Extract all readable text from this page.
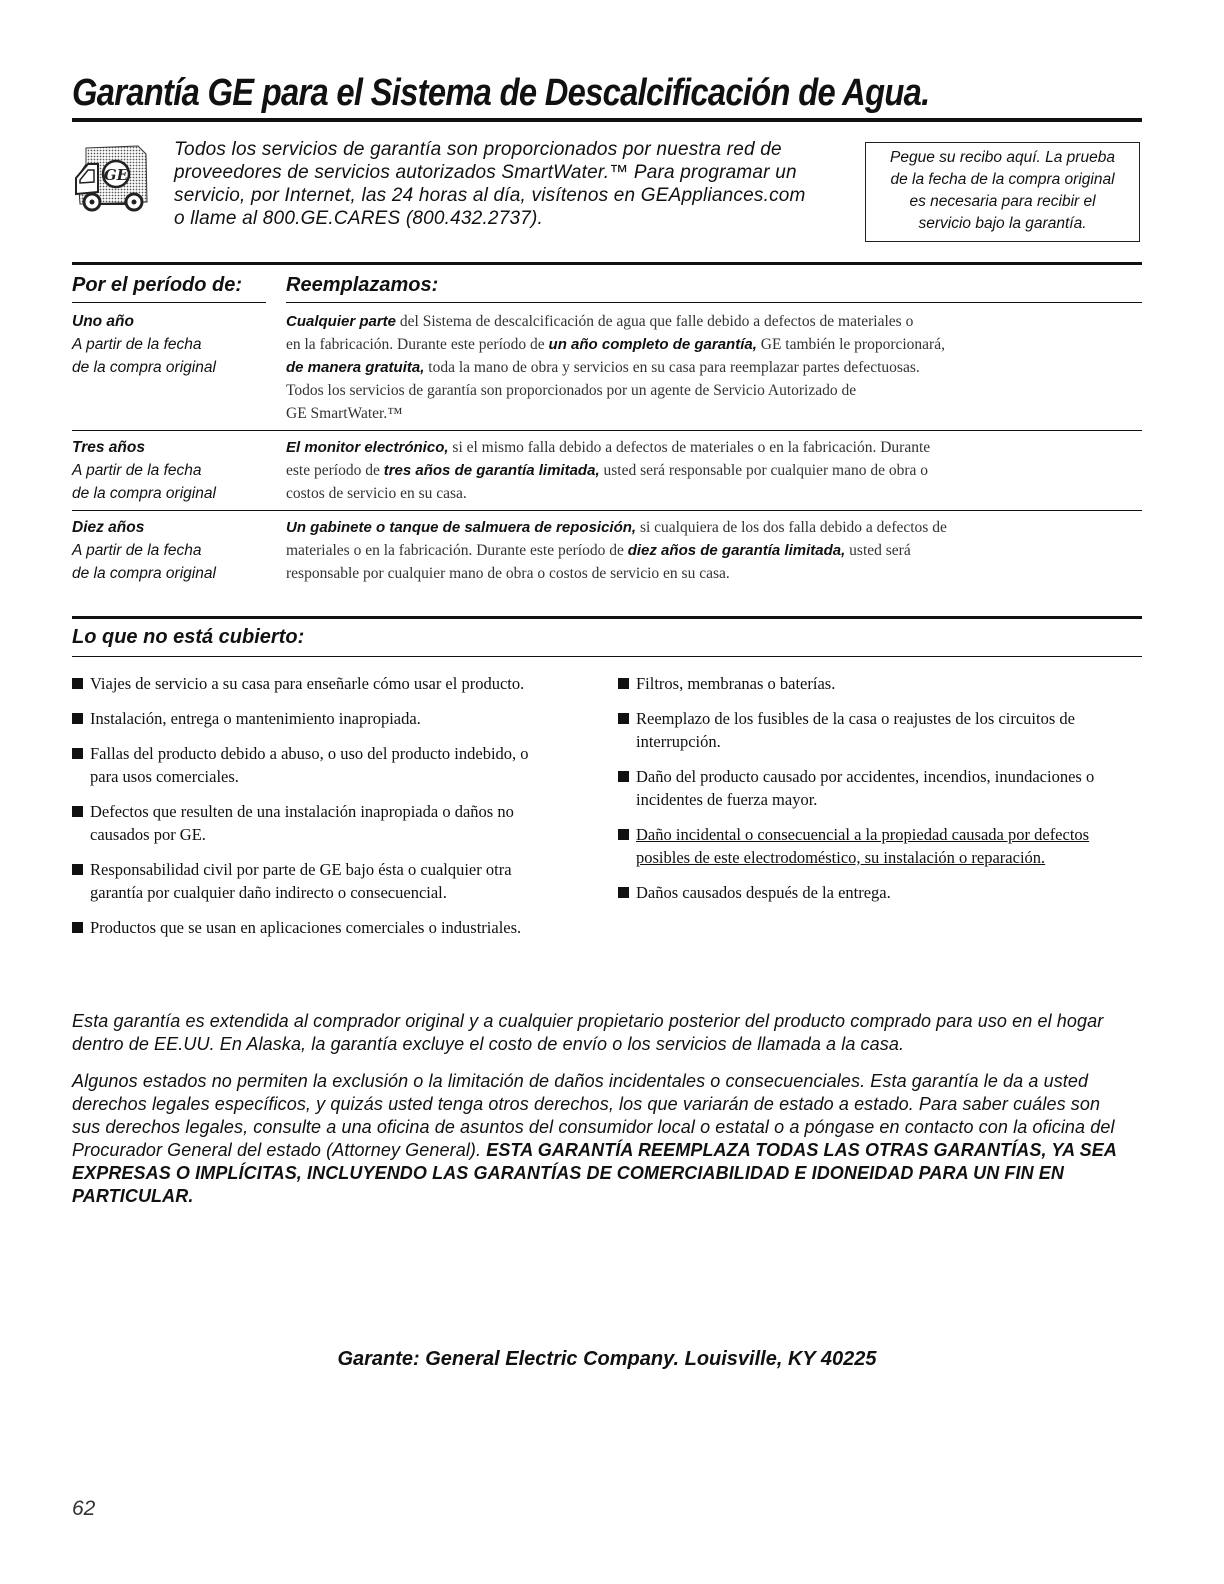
Garantía GE para el Sistema de Descalcificación de Agua.
GE
Todos los servicios de garantía son proporcionados por nuestra red de
proveedores de servicios autorizados SmartWater.™ Para programar un
servicio, por Internet, las 24 horas al día, visítenos en GEAppliances.com
o llame al 800.GE.CARES (800.432.2737).
Pegue su recibo aquí. La prueba
de la fecha de la compra original
es necesaria para recibir el
servicio bajo la garantía.
Por el período de: Reemplazamos:
Uno año
A partir de la fecha
de la compra original
Cualquier parte del Sistema de descalcificación de agua que falle debido a defectos de materiales o
en la fabricación. Durante este período de un año completo de garantía, GE también le proporcionará,
de manera gratuita, toda la mano de obra y servicios en su casa para reemplazar partes defectuosas.
Todos los servicios de garantía son proporcionados por un agente de Servicio Autorizado de
GE SmartWater.™
Tres años
A partir de la fecha
de la compra original
El monitor electrónico, si el mismo falla debido a defectos de materiales o en la fabricación. Durante
este período de tres años de garantía limitada, usted será responsable por cualquier mano de obra o
costos de servicio en su casa.
Diez años
A partir de la fecha
de la compra original
Un gabinete o tanque de salmuera de reposición, si cualquiera de los dos falla debido a defectos de
materiales o en la fabricación. Durante este período de diez años de garantía limitada, usted será
responsable por cualquier mano de obra o costos de servicio en su casa.
Lo que no está cubierto:
Viajes de servicio a su casa para enseñarle cómo usar el producto.
Instalación, entrega o mantenimiento inapropiada.
Fallas del producto debido a abuso, o uso del producto indebido, o para usos comerciales.
Defectos que resulten de una instalación inapropiada o daños no causados por GE.
Responsabilidad civil por parte de GE bajo ésta o cualquier otra garantía por cualquier daño indirecto o consecuencial.
Productos que se usan en aplicaciones comerciales o industriales.
Filtros, membranas o baterías.
Reemplazo de los fusibles de la casa o reajustes de los circuitos de interrupción.
Daño del producto causado por accidentes, incendios, inundaciones o incidentes de fuerza mayor.
Daño incidental o consecuencial a la propiedad causada por defectos posibles de este electrodoméstico, su instalación o reparación.
Daños causados después de la entrega.

Esta garantía es extendida al comprador original y a cualquier propietario posterior del producto comprado para uso en el hogar dentro de EE.UU. En Alaska, la garantía excluye el costo de envío o los servicios de llamada a la casa.

Algunos estados no permiten la exclusión o la limitación de daños incidentales o consecuenciales. Esta garantía le da a usted derechos legales específicos, y quizás usted tenga otros derechos, los que variarán de estado a estado. Para saber cuáles son sus derechos legales, consulte a una oficina de asuntos del consumidor local o estatal o a póngase en contacto con la oficina del Procurador General del estado (Attorney General). ESTA GARANTÍA REEMPLAZA TODAS LAS OTRAS GARANTÍAS, YA SEA EXPRESAS O IMPLÍCITAS, INCLUYENDO LAS GARANTÍAS DE COMERCIABILIDAD E IDONEIDAD PARA UN FIN EN PARTICULAR.

Garante: General Electric Company. Louisville, KY 40225
62
